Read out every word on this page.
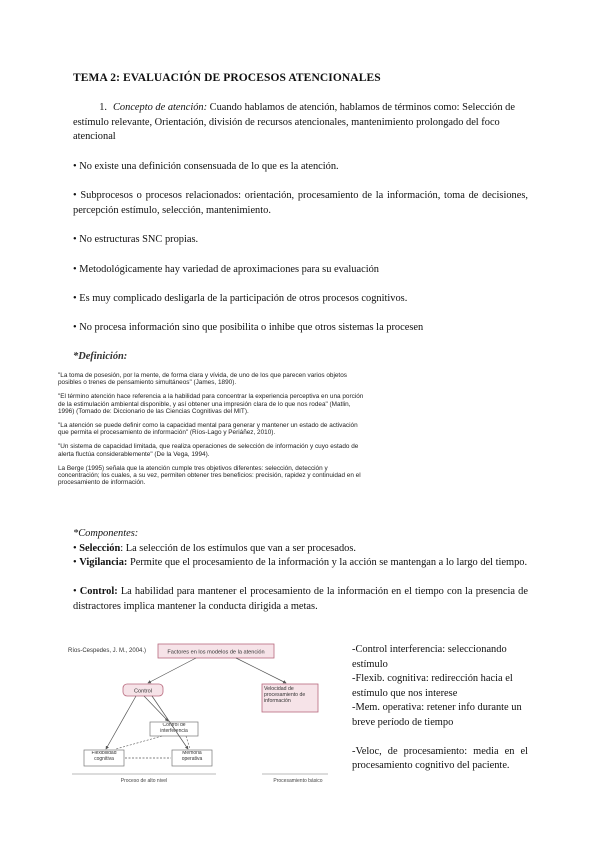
TEMA 2: EVALUACIÓN DE PROCESOS ATENCIONALES
1. Concepto de atención: Cuando hablamos de atención, hablamos de términos como: Selección de estímulo relevante, Orientación, división de recursos atencionales, mantenimiento prolongado del foco atencional
• No existe una definición consensuada de lo que es la atención.
• Subprocesos o procesos relacionados: orientación, procesamiento de la información, toma de decisiones, percepción estímulo, selección, mantenimiento.
• No estructuras SNC propias.
• Metodológicamente hay variedad de aproximaciones para su evaluación
• Es muy complicado desligarla de la participación de otros procesos cognitivos.
• No procesa información sino que posibilita o inhibe que otros sistemas la procesen
*Definición:
"La toma de posesión, por la mente, de forma clara y vívida, de uno de los que parecen varios objetos posibles o trenes de pensamiento simultáneos" (James, 1890).
"El término atención hace referencia a la habilidad para concentrar la experiencia perceptiva en una porción de la estimulación ambiental disponible, y así obtener una impresión clara de lo que nos rodea" (Matlin, 1996) (Tomado de: Diccionario de las Ciencias Cognitivas del MIT).
"La atención se puede definir como la capacidad mental para generar y mantener un estado de activación que permita el procesamiento de información" (Ríos-Lago y Periáñez, 2010).
"Un sistema de capacidad limitada, que realiza operaciones de selección de información y cuyo estado de alerta fluctúa considerablemente" (De la Vega, 1994).
La Berge (1995) señala que la atención cumple tres objetivos diferentes: selección, detección y concentración; los cuales, a su vez, permiten obtener tres beneficios: precisión, rapidez y continuidad en el procesamiento de información.
*Componentes:
• Selección: La selección de los estímulos que van a ser procesados.
• Vigilancia: Permite que el procesamiento de la información y la acción se mantengan a lo largo del tiempo.
• Control: La habilidad para mantener el procesamiento de la información en el tiempo con la presencia de distractores implica mantener la conducta dirigida a metas.
Ríos-Cespedes, J. M., 2004.)	Factores en los modelos de la atención
Control	Velocidad de procesamiento de información
Control de interferencia
Flexibilidad cognitiva
Memoria operativa
Proceso de alto nivel	Procesamiento básico
-Control interferencia: seleccionando estímulo
-Flexib. cognitiva: redirección hacia el estímulo que nos interese
-Mem. operativa: retener info durante un breve período de tiempo
-Veloc, de procesamiento: media en el procesamiento cognitivo del paciente.
